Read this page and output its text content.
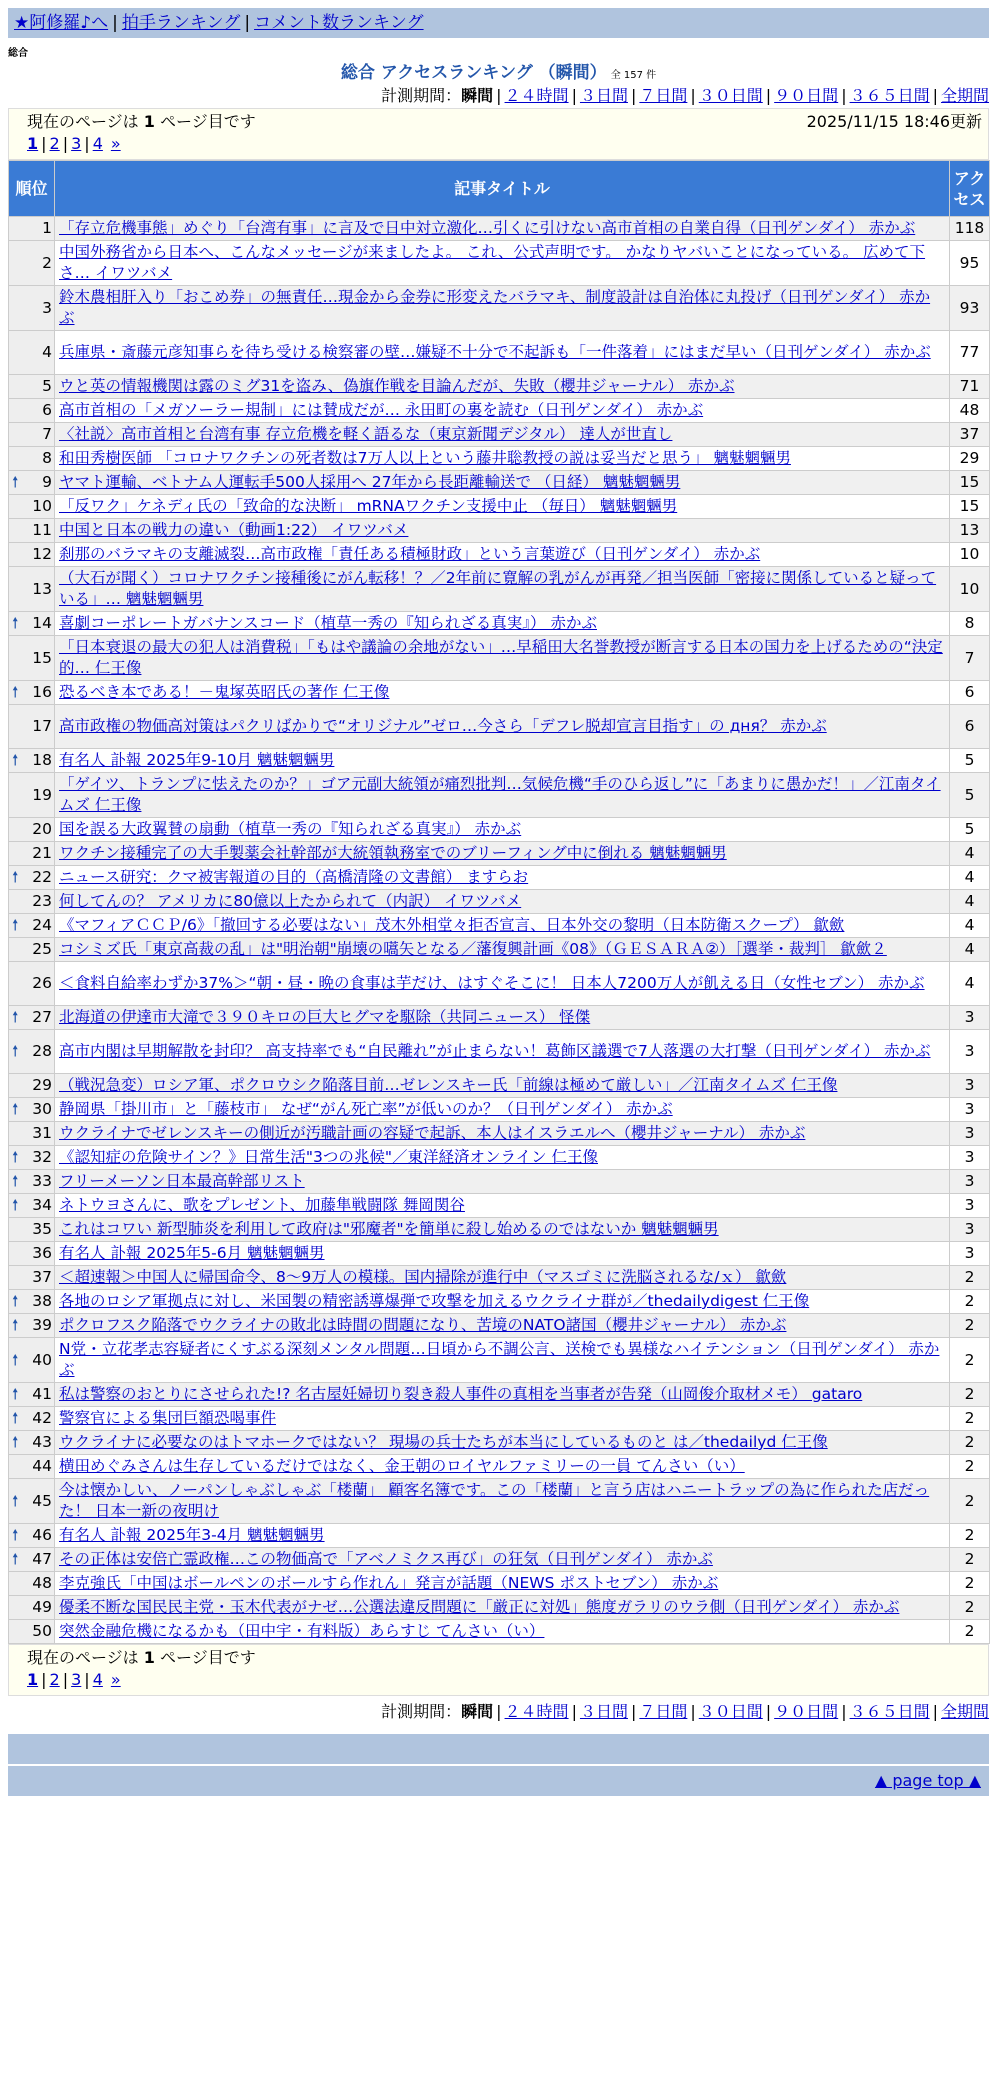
★阿修羅♪へ | 拍手ランキング | コメント数ランキング
総合
総合 アクセスランキング （瞬間） 全 157 件
計測期間：瞬間 | ２４時間 | ３日間 | ７日間 | ３０日間 | ９０日間 | ３６５日間 | 全期間
現在のページは 1 ページ目です	2025/11/15 18:46更新
1 | 2 | 3 | 4 »
順位	記事タイトル	アクセス
1	「存立危機事態」めぐり「台湾有事」に言及で日中対立激化…引くに引けない高市首相の自業自得（日刊ゲンダイ） 赤かぶ	118
2	中国外務省から日本へ、こんなメッセージが来ましたよ。 これ、公式声明です。 かなりヤバいことになっている。 広めて下さ… イワツバメ	95
3	鈴木農相肝入り「おこめ券」の無責任…現金から金券に形変えたバラマキ、制度設計は自治体に丸投げ（日刊ゲンダイ） 赤かぶ	93
4	兵庫県・斎藤元彦知事らを待ち受ける検察審の壁…嫌疑不十分で不起訴も「一件落着」にはまだ早い（日刊ゲンダイ） 赤かぶ	77
5	ウと英の情報機関は露のミグ31を盗み、偽旗作戦を目論んだが、失敗（櫻井ジャーナル） 赤かぶ	71
6	高市首相の「メガソーラー規制」には賛成だが… 永田町の裏を読む（日刊ゲンダイ） 赤かぶ	48
7	〈社説〉高市首相と台湾有事 存立危機を軽く語るな（東京新聞デジタル） 達人が世直し	37
8	和田秀樹医師 「コロナワクチンの死者数は7万人以上という藤井聡教授の説は妥当だと思う」 魑魅魍魎男	29

🠕 9	ヤマト運輸、ベトナム人運転手500人採用へ 27年から長距離輸送で （日経） 魑魅魍魎男	15
10	「反ワク」ケネディ氏の「致命的な決断」 mRNAワクチン支援中止 （毎日） 魑魅魍魎男	15
11	中国と日本の戦力の違い（動画1:22） イワツバメ	13
12	刹那のバラマキの支離滅裂…高市政権「責任ある積極財政」という言葉遊び（日刊ゲンダイ） 赤かぶ	10
13	（大石が聞く）コロナワクチン接種後にがん転移！？／2年前に寛解の乳がんが再発／担当医師「密接に関係していると疑っている」… 魑魅魍魎男	10

🠕 14	喜劇コーポレートガバナンスコード（植草一秀の『知られざる真実』） 赤かぶ	8
15	「日本衰退の最大の犯人は消費税」「もはや議論の余地がない」…早稲田大名誉教授が断言する日本の国力を上げるための“決定的… 仁王像	7

🠕 16	恐るべき本である！－鬼塚英昭氏の著作 仁王像	6
17	高市政権の物価高対策はパクリばかりで“オリジナル”ゼロ…今さら「デフレ脱却宣言目指す」の дня？ 赤かぶ	6

🠕 18	有名人 訃報 2025年9-10月 魑魅魍魎男	5
19	「ゲイツ、トランプに怯えたのか？」ゴア元副大統領が痛烈批判…気候危機“手のひら返し”に「あまりに愚かだ！」／江南タイムズ 仁王像	5
20	国を誤る大政翼賛の扇動（植草一秀の『知られざる真実』） 赤かぶ	5
21	ワクチン接種完了の大手製薬会社幹部が大統領執務室でのブリーフィング中に倒れる 魑魅魍魎男	4

🠕 22	ニュース研究：クマ被害報道の目的（高橋清隆の文書館） ますらお	4
23	何してんの？ アメリカに80億以上たかられて（内訳） イワツバメ	4

🠕 24	《マフィアＣＣＰ/6》「撤回する必要はない」茂木外相堂々拒否宣言、日本外交の黎明（日本防衛スクープ） 歙歛	4
25	コシミズ氏「東京高裁の乱」は"明治朝"崩壊の嚆矢となる／藩復興計画《08》（ＧＥＳＡＲＡ②）［選挙・裁判］ 歙歛２	4
26	＜食料自給率わずか37%＞“朝・昼・晩の食事は芋だけ、はすぐそこに！ 日本人7200万人が飢える日（女性セブン） 赤かぶ	4

🠕 27	北海道の伊達市大滝で３９０キロの巨大ヒグマを駆除（共同ニュース） 怪傑	3

🠕 28	高市内閣は早期解散を封印？ 高支持率でも“自民離れ”が止まらない！葛飾区議選で7人落選の大打撃（日刊ゲンダイ） 赤かぶ	3
29	（戦況急変）ロシア軍、ポクロウシク陥落目前…ゼレンスキー氏「前線は極めて厳しい」／江南タイムズ 仁王像	3

🠕 30	静岡県「掛川市」と「藤枝市」 なぜ“がん死亡率”が低いのか？（日刊ゲンダイ） 赤かぶ	3
31	ウクライナでゼレンスキーの側近が汚職計画の容疑で起訴、本人はイスラエルへ（櫻井ジャーナル） 赤かぶ	3

🠕 32	《認知症の危険サイン？》日常生活"3つの兆候"／東洋経済オンライン 仁王像	3

🠕 33	フリーメーソン日本最高幹部リスト	3

🠕 34	ネトウヨさんに、歌をプレゼント、加藤隼戦闘隊 舞岡関谷	3
35	これはコワい 新型肺炎を利用して政府は"邪魔者"を簡単に殺し始めるのではないか 魑魅魍魎男	3
36	有名人 訃報 2025年5-6月 魑魅魍魎男	3
37	＜超速報＞中国人に帰国命令、8～9万人の模様。国内掃除が進行中（マスゴミに洗脳されるな/ｘ） 歙歛	2

🠕 38	各地のロシア軍拠点に対し、米国製の精密誘導爆弾で攻撃を加えるウクライナ群が／thedailydigest 仁王像	2

🠕 39	ポクロフスク陥落でウクライナの敗北は時間の問題になり、苦境のNATO諸国（櫻井ジャーナル） 赤かぶ	2

🠕 40	N党・立花孝志容疑者にくすぶる深刻メンタル問題…日頃から不調公言、送検でも異様なハイテンション（日刊ゲンダイ） 赤かぶ	2

🠕 41	私は警察のおとりにさせられた!? 名古屋妊婦切り裂き殺人事件の真相を当事者が告発（山岡俊介取材メモ） gataro	2

🠕 42	警察官による集団巨額恐喝事件	2

🠕 43	ウクライナに必要なのはトマホークではない？ 現場の兵士たちが本当にしているものと は／thedailyd 仁王像	2
44	横田めぐみさんは生存しているだけではなく、金王朝のロイヤルファミリーの一員 てんさい（い）	2

🠕 45	今は懐かしい、ノーパンしゃぶしゃぶ「楼蘭」 顧客名簿です。この「楼蘭」と言う店はハニートラップの為に作られた店だった！ 日本一新の夜明け	2

🠕 46	有名人 訃報 2025年3-4月 魑魅魍魎男	2

🠕 47	その正体は安倍亡霊政権…この物価高で「アベノミクス再び」の狂気（日刊ゲンダイ） 赤かぶ	2
48	李克強氏「中国はボールペンのボールすら作れん」発言が話題（NEWS ポストセブン） 赤かぶ	2
49	優柔不断な国民民主党・玉木代表がナゼ…公選法違反問題に「厳正に対処」態度ガラリのウラ側（日刊ゲンダイ） 赤かぶ	2
50	突然金融危機になるかも（田中宇・有料版）あらすじ てんさい（い）	2
現在のページは 1 ページ目です
1 | 2 | 3 | 4 »
計測期間：瞬間 | ２４時間 | ３日間 | ７日間 | ３０日間 | ９０日間 | ３６５日間 | 全期間
▲ page top ▲
